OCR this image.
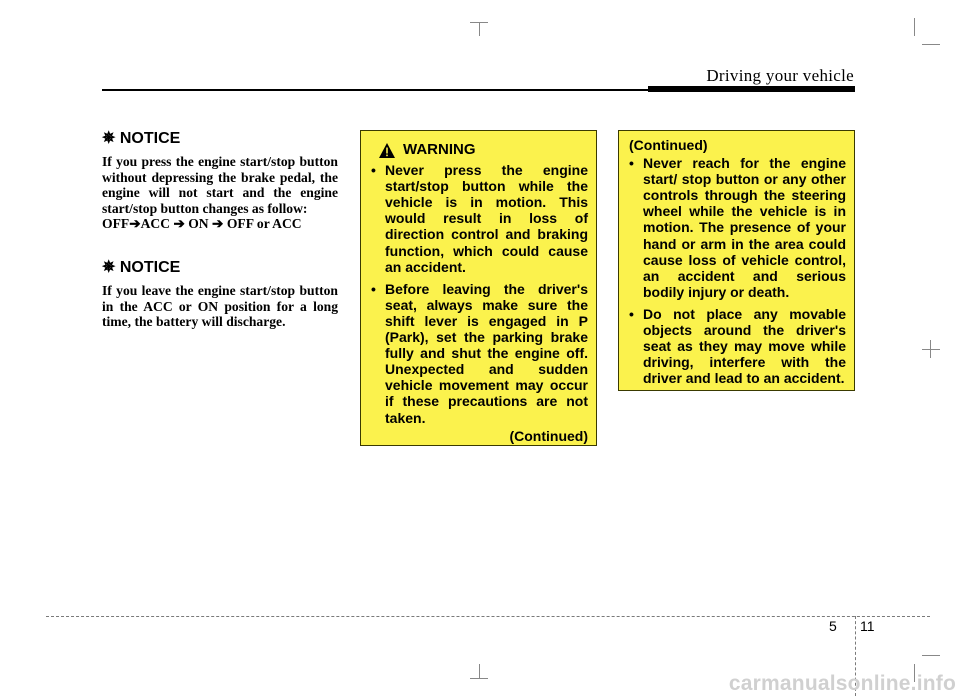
Driving your vehicle
✵ NOTICE

If you press the engine start/stop button without depressing the brake pedal, the engine will not start and the engine start/stop button changes as follow:

OFF➔ACC ➔ ON ➔ OFF or ACC
✵ NOTICE

If you leave the engine start/stop button in the ACC or ON position for a long time, the battery will discharge.

WARNING
• Never press the engine start/stop button while the vehicle is in motion. This would result in loss of direction control and braking function, which could cause an accident.
• Before leaving the driver's seat, always make sure the shift lever is engaged in P (Park), set the parking brake fully and shut the engine off. Unexpected and sudden vehicle movement may occur if these precautions are not taken.
(Continued)
(Continued)
• Never reach for the engine start/ stop button or any other controls through the steering wheel while the vehicle is in motion. The presence of your hand or arm in the area could cause loss of vehicle control, an accident and serious bodily injury or death.
• Do not place any movable objects around the driver's seat as they may move while driving, interfere with the driver and lead to an accident.
5 11
carmanualsonline.info
